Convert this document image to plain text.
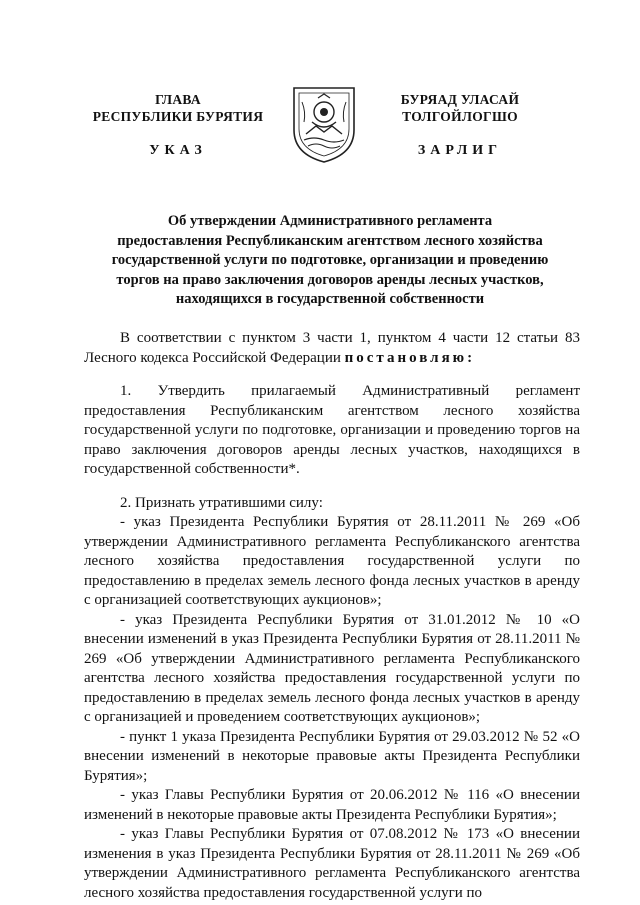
ГЛАВА
РЕСПУБЛИКИ БУРЯТИЯ
УКАЗ
БУРЯАД УЛАСАЙ
ТОЛГОЙЛОГШО
ЗАРЛИГ
Об утверждении Административного регламента
предоставления Республиканским агентством лесного хозяйства
государственной услуги по подготовке, организации и проведению
торгов на право заключения договоров аренды лесных участков,
находящихся в государственной собственности

В соответствии с пунктом 3 части 1, пунктом 4 части 12 статьи 83 Лесного кодекса Российской Федерации постановляю:

1. Утвердить прилагаемый Административный регламент предоставления Республиканским агентством лесного хозяйства государственной услуги по подготовке, организации и проведению торгов на право заключения договоров аренды лесных участков, находящихся в государственной собственности*.

2. Признать утратившими силу:

- указ Президента Республики Бурятия от 28.11.2011 № 269 «Об утверждении Административного регламента Республиканского агентства лесного хозяйства предоставления государственной услуги по предоставлению в пределах земель лесного фонда лесных участков в аренду с организацией соответствующих аукционов»;

- указ Президента Республики Бурятия от 31.01.2012 № 10 «О внесении изменений в указ Президента Республики Бурятия от 28.11.2011 № 269 «Об утверждении Административного регламента Республиканского агентства лесного хозяйства предоставления государственной услуги по предоставлению в пределах земель лесного фонда лесных участков в аренду с организацией и проведением соответствующих аукционов»;

- пункт 1 указа Президента Республики Бурятия от 29.03.2012 № 52 «О внесении изменений в некоторые правовые акты Президента Республики Бурятия»;

- указ Главы Республики Бурятия от 20.06.2012 № 116 «О внесении изменений в некоторые правовые акты Президента Республики Бурятия»;

- указ Главы Республики Бурятия от 07.08.2012 № 173 «О внесении изменения в указ Президента Республики Бурятия от 28.11.2011 № 269 «Об утверждении Административного регламента Республиканского агентства лесного хозяйства предоставления государственной услуги по
